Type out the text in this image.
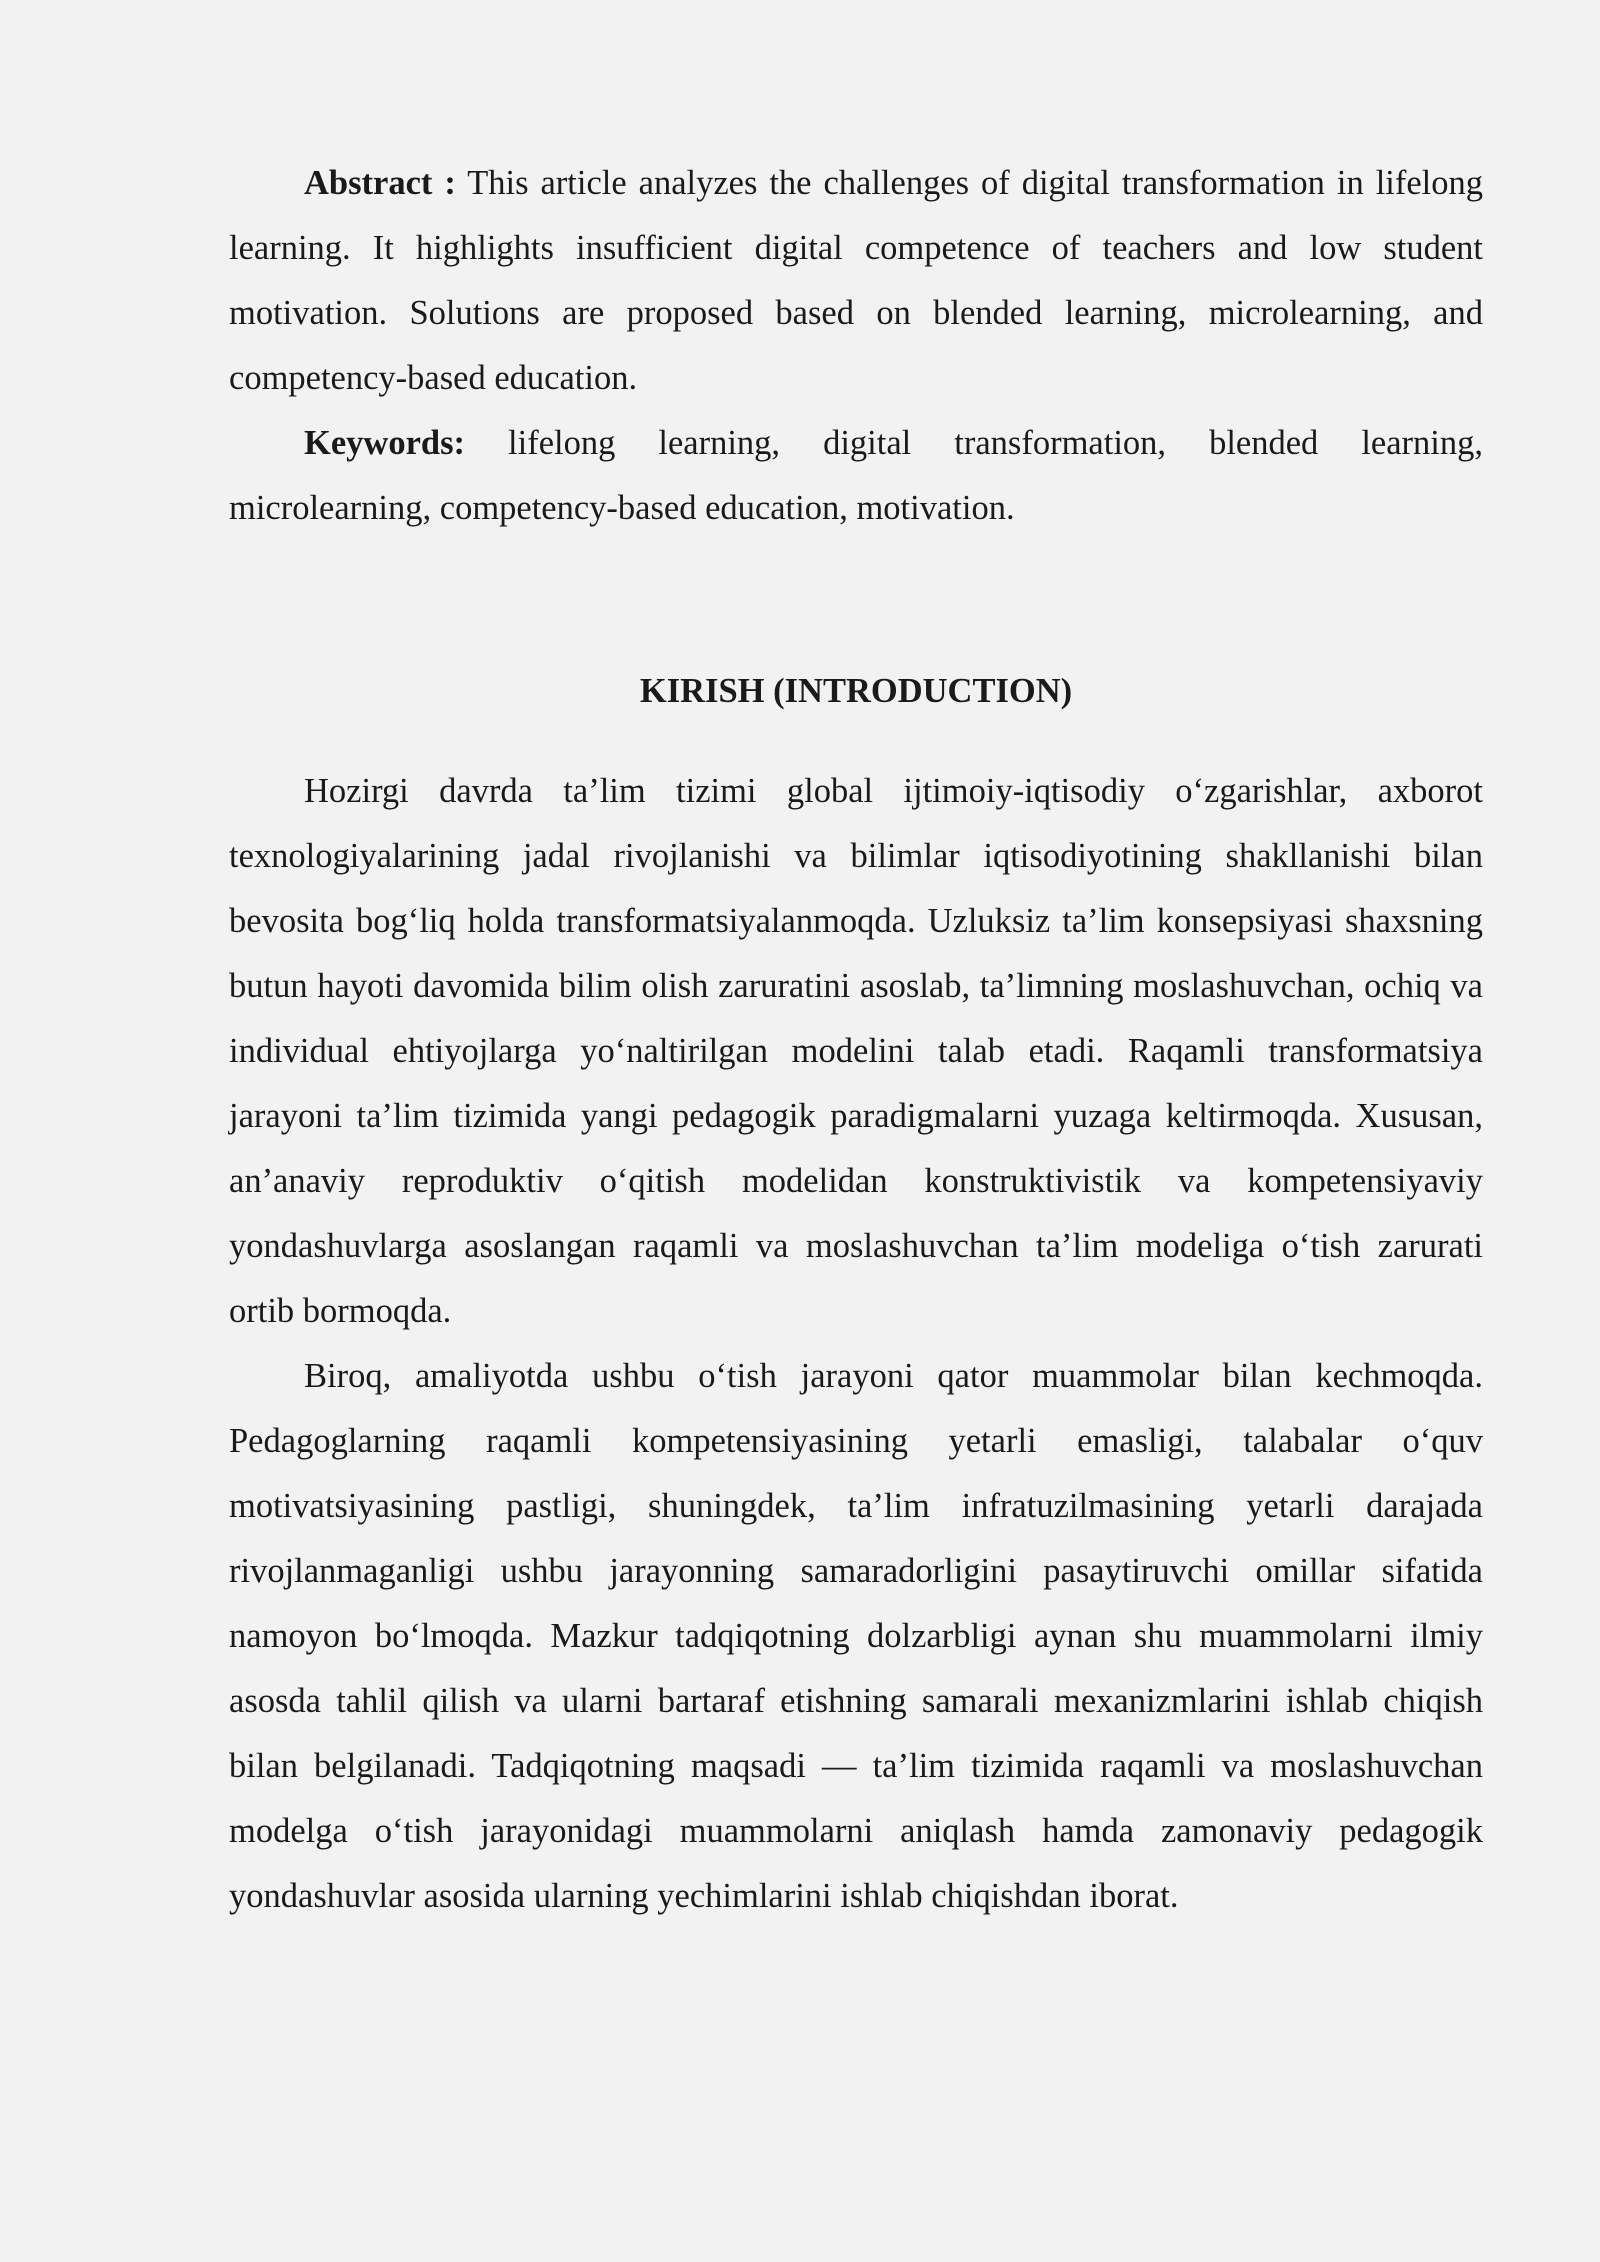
Abstract : This article analyzes the challenges of digital transformation in lifelong learning. It highlights insufficient digital competence of teachers and low student motivation. Solutions are proposed based on blended learning, microlearning, and competency-based education.

Keywords: lifelong learning, digital transformation, blended learning, microlearning, competency-based education, motivation.

KIRISH (INTRODUCTION)

Hozirgi davrda ta’lim tizimi global ijtimoiy-iqtisodiy o‘zgarishlar, axborot texnologiyalarining jadal rivojlanishi va bilimlar iqtisodiyotining shakllanishi bilan bevosita bog‘liq holda transformatsiyalanmoqda. Uzluksiz ta’lim konsepsiyasi shaxsning butun hayoti davomida bilim olish zaruratini asoslab, ta’limning moslashuvchan, ochiq va individual ehtiyojlarga yo‘naltirilgan modelini talab etadi. Raqamli transformatsiya jarayoni ta’lim tizimida yangi pedagogik paradigmalarni yuzaga keltirmoqda. Xususan, an’anaviy reproduktiv o‘qitish modelidan konstruktivistik va kompetensiyaviy yondashuvlarga asoslangan raqamli va moslashuvchan ta’lim modeliga o‘tish zarurati ortib bormoqda.

Biroq, amaliyotda ushbu o‘tish jarayoni qator muammolar bilan kechmoqda. Pedagoglarning raqamli kompetensiyasining yetarli emasligi, talabalar o‘quv motivatsiyasining pastligi, shuningdek, ta’lim infratuzilmasining yetarli darajada rivojlanmaganligi ushbu jarayonning samaradorligini pasaytiruvchi omillar sifatida namoyon bo‘lmoqda. Mazkur tadqiqotning dolzarbligi aynan shu muammolarni ilmiy asosda tahlil qilish va ularni bartaraf etishning samarali mexanizmlarini ishlab chiqish bilan belgilanadi. Tadqiqotning maqsadi — ta’lim tizimida raqamli va moslashuvchan modelga o‘tish jarayonidagi muammolarni aniqlash hamda zamonaviy pedagogik yondashuvlar asosida ularning yechimlarini ishlab chiqishdan iborat.
